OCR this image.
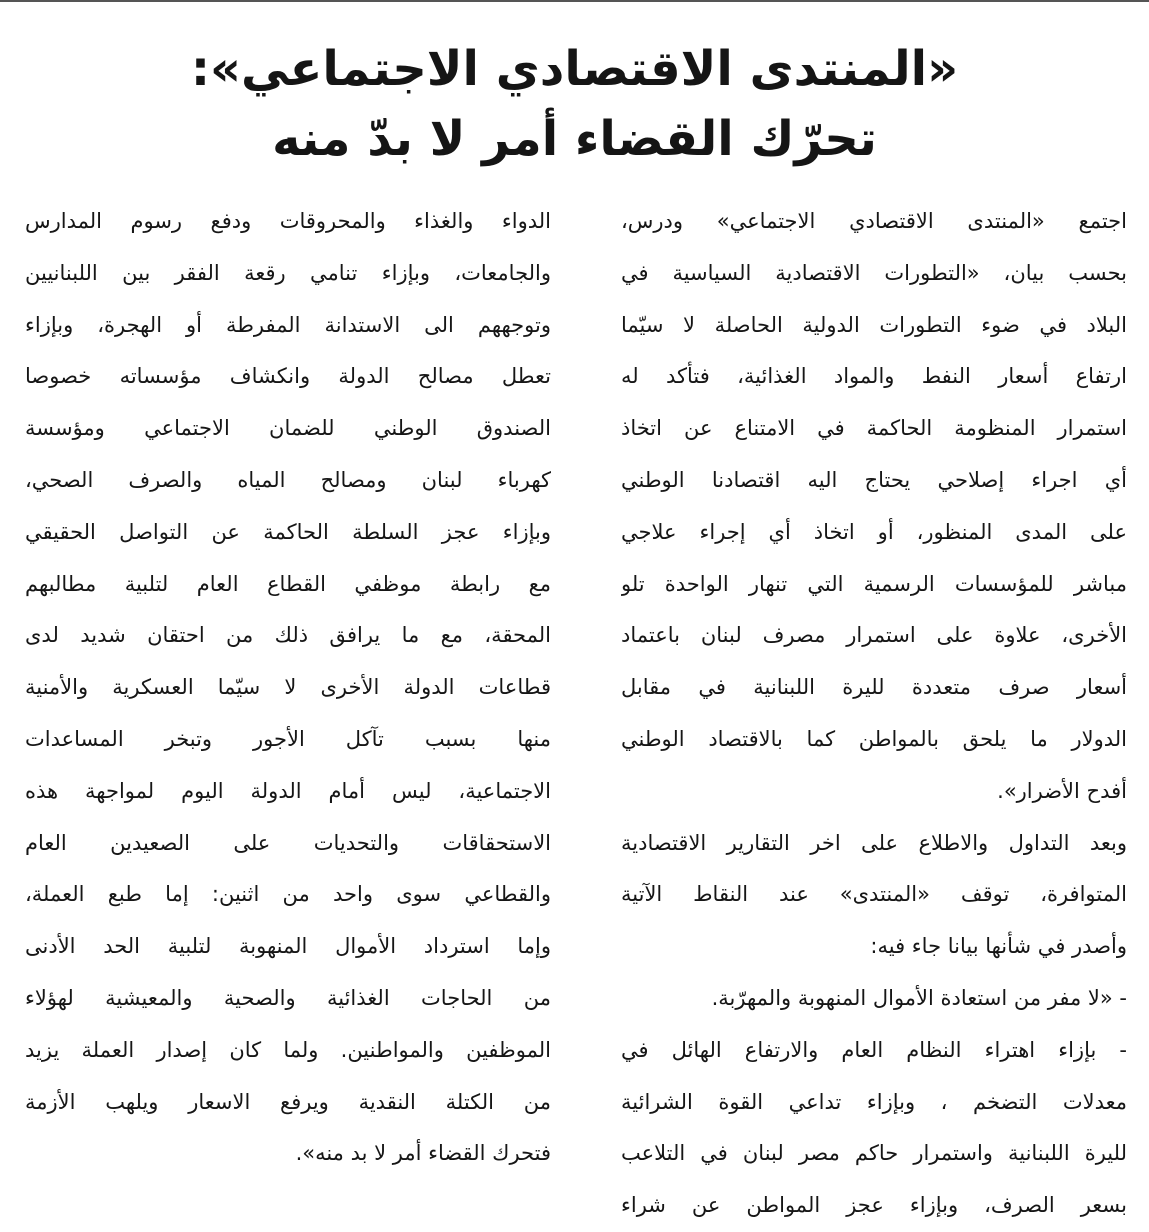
«المنتدى الاقتصادي الاجتماعي»:
تحرّك القضاء أمر لا بدّ منه

اجتمع «المنتدى الاقتصادي الاجتماعي» ودرس،

بحسب بيان، «التطورات الاقتصادية السياسية في

البلاد في ضوء التطورات الدولية الحاصلة لا سيّما

ارتفاع أسعار النفط والمواد الغذائية، فتأكد له

استمرار المنظومة الحاكمة في الامتناع عن اتخاذ

أي اجراء إصلاحي يحتاج اليه اقتصادنا الوطني

على المدى المنظور، أو اتخاذ أي إجراء علاجي

مباشر للمؤسسات الرسمية التي تنهار الواحدة تلو

الأخرى، علاوة على استمرار مصرف لبنان باعتماد

أسعار صرف متعددة لليرة اللبنانية في مقابل

الدولار ما يلحق بالمواطن كما بالاقتصاد الوطني

أفدح الأضرار».

وبعد التداول والاطلاع على اخر التقارير الاقتصادية

المتوافرة، توقف «المنتدى» عند النقاط الآتية

وأصدر في شأنها بيانا جاء فيه:

- «لا مفر من استعادة الأموال المنهوبة والمهرّبة.

- بإزاء اهتراء النظام العام والارتفاع الهائل في

معدلات التضخم ، وبإزاء تداعي القوة الشرائية

لليرة اللبنانية واستمرار حاكم مصر لبنان في التلاعب

بسعر الصرف، وبإزاء عجز المواطن عن شراء

الدواء والغذاء والمحروقات ودفع رسوم المدارس

والجامعات، وبإزاء تنامي رقعة الفقر بين اللبنانيين

وتوجههم الى الاستدانة المفرطة أو الهجرة، وبإزاء

تعطل مصالح الدولة وانكشاف مؤسساته خصوصا

الصندوق الوطني للضمان الاجتماعي ومؤسسة

كهرباء لبنان ومصالح المياه والصرف الصحي،

وبإزاء عجز السلطة الحاكمة عن التواصل الحقيقي

مع رابطة موظفي القطاع العام لتلبية مطالبهم

المحقة، مع ما يرافق ذلك من احتقان شديد لدى

قطاعات الدولة الأخرى لا سيّما العسكرية والأمنية

منها بسبب تآكل الأجور وتبخر المساعدات

الاجتماعية، ليس أمام الدولة اليوم لمواجهة هذه

الاستحقاقات والتحديات على الصعيدين العام

والقطاعي سوى واحد من اثنين: إما طبع العملة،

وإما استرداد الأموال المنهوبة لتلبية الحد الأدنى

من الحاجات الغذائية والصحية والمعيشية لهؤلاء

الموظفين والمواطنين. ولما كان إصدار العملة يزيد

من الكتلة النقدية ويرفع الاسعار ويلهب الأزمة

فتحرك القضاء أمر لا بد منه».
